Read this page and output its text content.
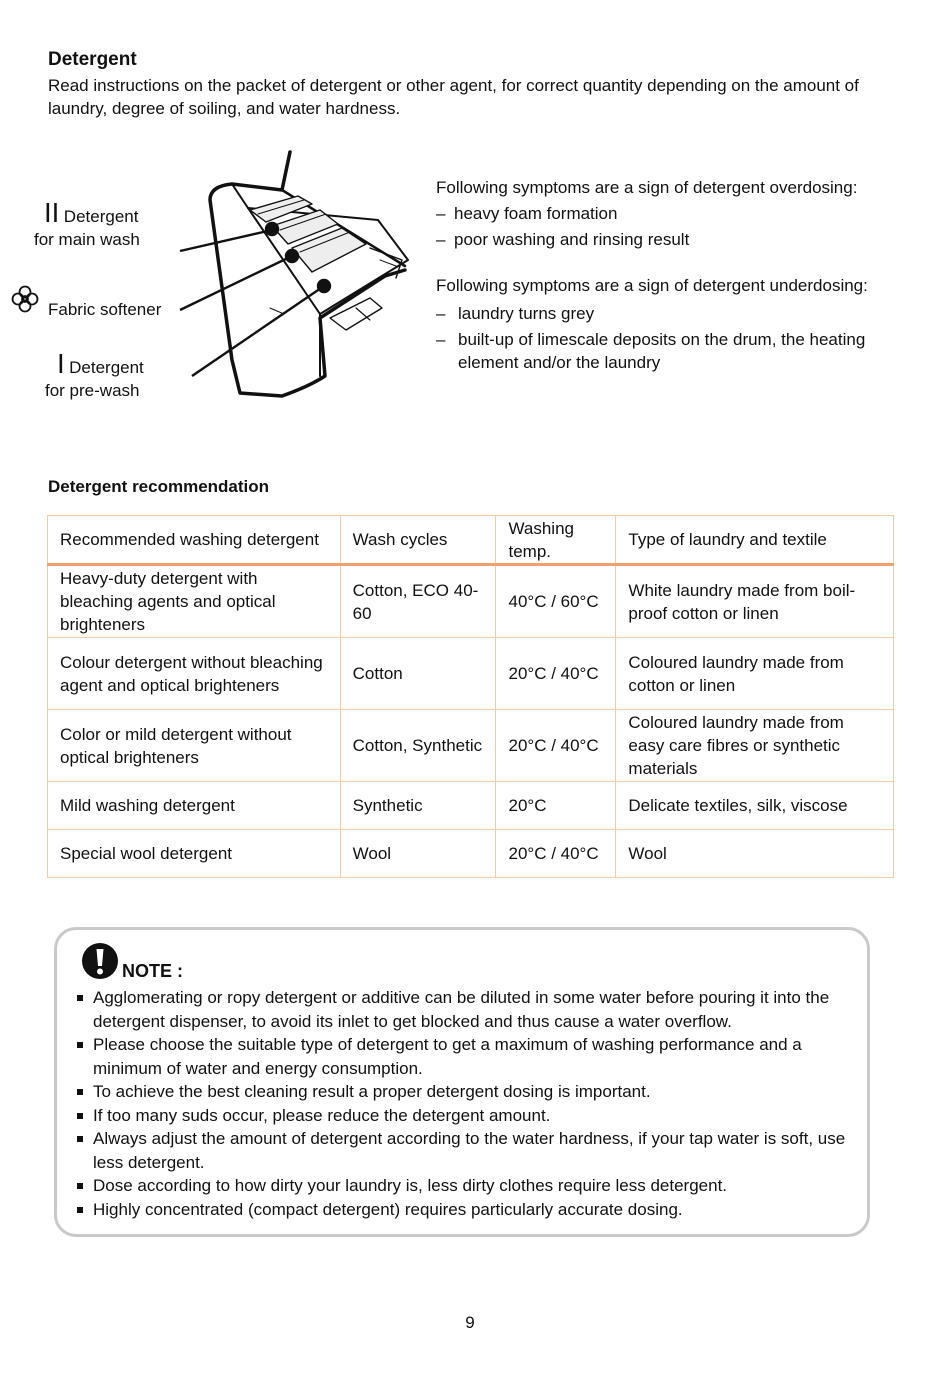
Detergent
Read instructions on the packet of detergent or other agent, for correct quantity depending on the amount of laundry, degree of soiling, and water hardness.
II Detergent
for main wash
Fabric softener
I Detergent
for pre-wash
Following symptoms are a sign of detergent overdosing:
– heavy foam formation
– poor washing and rinsing result
Following symptoms are a sign of detergent underdosing:
– laundry turns grey
– built-up of limescale deposits on the drum, the heating element and/or the laundry
Detergent recommendation
Recommended washing detergent	Wash cycles	Washing temp.	Type of laundry and textile
Heavy-duty detergent with bleaching agents and optical brighteners	Cotton, ECO 40-60	40°C / 60°C	White laundry made from boil-proof cotton or linen
Colour detergent without bleaching agent and optical brighteners	Cotton	20°C / 40°C	Coloured laundry made from cotton or linen
Color or mild detergent without optical brighteners	Cotton, Synthetic	20°C / 40°C	Coloured laundry made from easy care fibres or synthetic materials
Mild washing detergent	Synthetic	20°C	Delicate textiles, silk, viscose
Special wool detergent	Wool	20°C / 40°C	Wool
NOTE :
Agglomerating or ropy detergent or additive can be diluted in some water before pouring it into the detergent dispenser, to avoid its inlet to get blocked and thus cause a water overflow.
Please choose the suitable type of detergent to get a maximum of washing performance and a minimum of water and energy consumption.
To achieve the best cleaning result a proper detergent dosing is important.
If too many suds occur, please reduce the detergent amount.
Always adjust the amount of detergent according to the water hardness, if your tap water is soft, use less detergent.
Dose according to how dirty your laundry is, less dirty clothes require less detergent.
Highly concentrated (compact detergent) requires particularly accurate dosing.
9
